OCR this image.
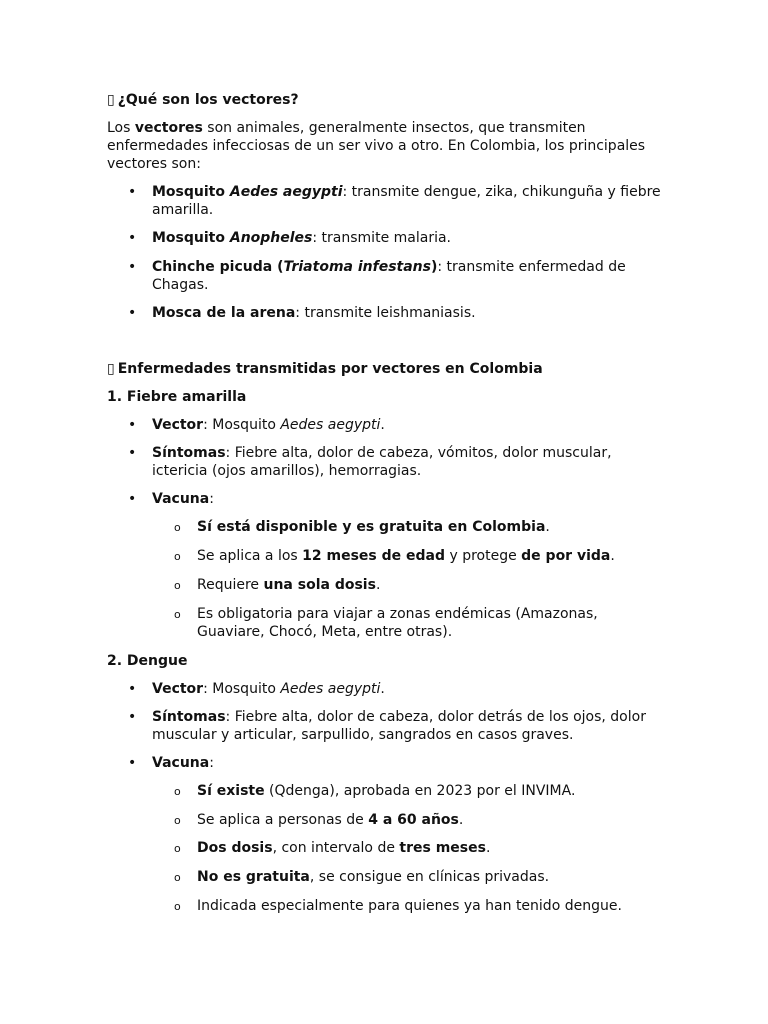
▯ ¿Qué son los vectores?
Los vectores son animales, generalmente insectos, que transmiten enfermedades infecciosas de un ser vivo a otro. En Colombia, los principales vectores son:
• Mosquito Aedes aegypti: transmite dengue, zika, chikunguña y fiebre amarilla.
• Mosquito Anopheles: transmite malaria.
• Chinche picuda (Triatoma infestans): transmite enfermedad de Chagas.
• Mosca de la arena: transmite leishmaniasis.
▯ Enfermedades transmitidas por vectores en Colombia
1. Fiebre amarilla
• Vector: Mosquito Aedes aegypti.
• Síntomas: Fiebre alta, dolor de cabeza, vómitos, dolor muscular, ictericia (ojos amarillos), hemorragias.
• Vacuna:
o Sí está disponible y es gratuita en Colombia.
o Se aplica a los 12 meses de edad y protege de por vida.
o Requiere una sola dosis.
o Es obligatoria para viajar a zonas endémicas (Amazonas, Guaviare, Chocó, Meta, entre otras).
2. Dengue
• Vector: Mosquito Aedes aegypti.
• Síntomas: Fiebre alta, dolor de cabeza, dolor detrás de los ojos, dolor muscular y articular, sarpullido, sangrados en casos graves.
• Vacuna:
o Sí existe (Qdenga), aprobada en 2023 por el INVIMA.
o Se aplica a personas de 4 a 60 años.
o Dos dosis, con intervalo de tres meses.
o No es gratuita, se consigue en clínicas privadas.
o Indicada especialmente para quienes ya han tenido dengue.
